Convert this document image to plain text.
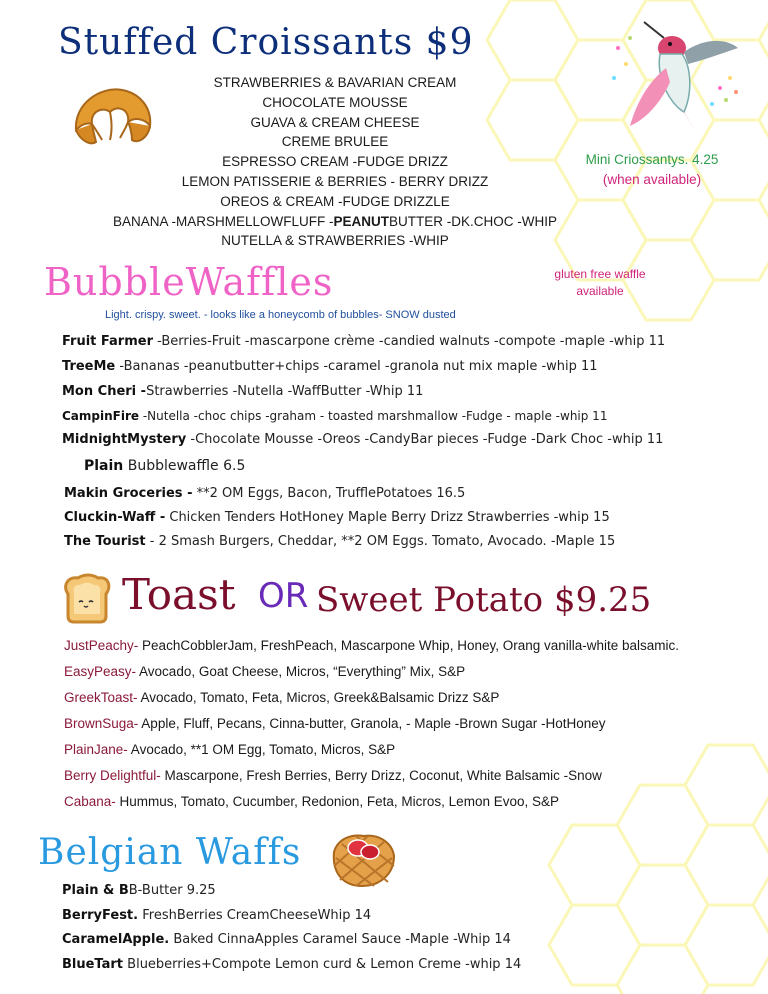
Stuffed Croissants $9
STRAWBERRIES & BAVARIAN CREAM
CHOCOLATE MOUSSE
GUAVA & CREAM CHEESE
CREME BRULEE
ESPRESSO CREAM -FUDGE DRIZZ
LEMON PATISSERIE & BERRIES - BERRY DRIZZ
OREOS & CREAM -FUDGE DRIZZLE
BANANA -MARSHMELLOWFLUFF -PEANUTBUTTER -DK.CHOC -WHIP
NUTELLA & STRAWBERRIES -WHIP
Mini Criossantys. 4.25
(when available)
BubbleWaffles	gluten free waffle
available
Light. crispy. sweet. - looks like a honeycomb of bubbles- SNOW dusted
Fruit Farmer -Berries-Fruit -mascarpone crème -candied walnuts -compote -maple -whip 11
TreeMe -Bananas -peanutbutter+chips -caramel -granola nut mix maple -whip 11
Mon Cheri -Strawberries -Nutella -WaffButter -Whip 11
CampinFire -Nutella -choc chips -graham - toasted marshmallow -Fudge - maple -whip 11
MidnightMystery -Chocolate Mousse -Oreos -CandyBar pieces -Fudge -Dark Choc -whip 11
Plain Bubblewaffle 6.5
Makin Groceries - **2 OM Eggs, Bacon, TrufflePotatoes 16.5
Cluckin-Waff - Chicken Tenders HotHoney Maple Berry Drizz Strawberries -whip 15
The Tourist - 2 Smash Burgers, Cheddar, **2 OM Eggs. Tomato, Avocado. -Maple 15
Toast OR Sweet Potato $9.25
JustPeachy- PeachCobblerJam, FreshPeach, Mascarpone Whip, Honey, Orang vanilla-white balsamic.
EasyPeasy- Avocado, Goat Cheese, Micros, “Everything” Mix, S&P
GreekToast- Avocado, Tomato, Feta, Micros, Greek&Balsamic Drizz S&P
BrownSuga- Apple, Fluff, Pecans, Cinna-butter, Granola, - Maple -Brown Sugar -HotHoney
PlainJane- Avocado, **1 OM Egg, Tomato, Micros, S&P
Berry Delightful- Mascarpone, Fresh Berries, Berry Drizz, Coconut, White Balsamic -Snow
Cabana- Hummus, Tomato, Cucumber, Redonion, Feta, Micros, Lemon Evoo, S&P
Belgian Waffs
Plain & BB-Butter 9.25
BerryFest. FreshBerries CreamCheeseWhip 14
CaramelApple. Baked CinnaApples Caramel Sauce -Maple -Whip 14
BlueTart Blueberries+Compote Lemon curd & Lemon Creme -whip 14
